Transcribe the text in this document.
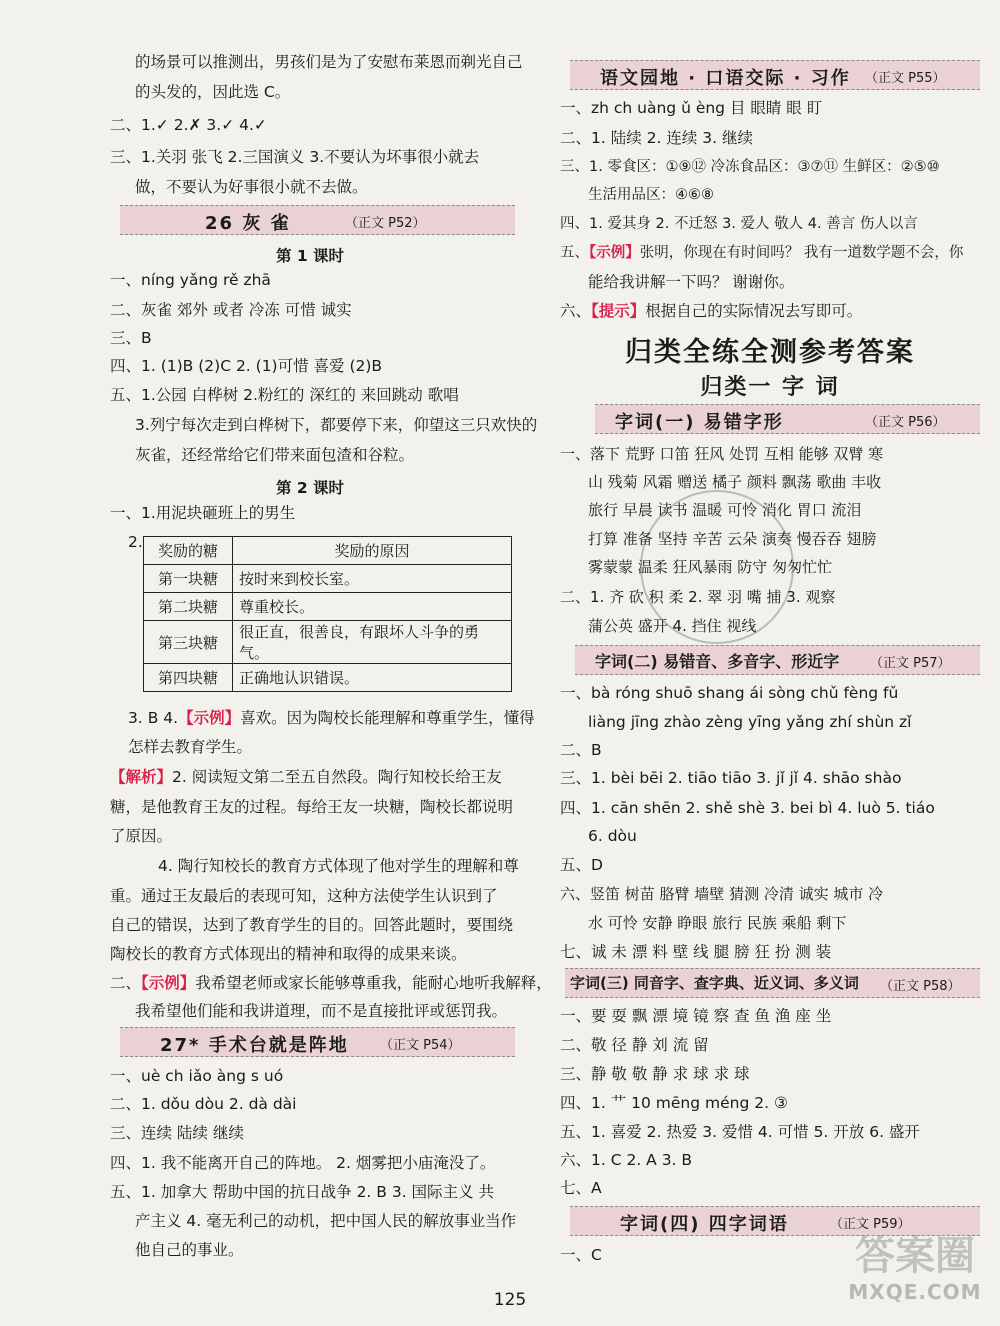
的场景可以推测出，男孩们是为了安慰布莱恩而剃光自己
的头发的，因此选 C。
二、1.✓ 2.✗ 3.✓ 4.✓
三、1.关羽 张飞 2.三国演义 3.不要认为坏事很小就去
做，不要认为好事很小就不去做。
26 灰 雀	（正文 P52）
第 1 课时
一、níng yǎng rě zhā
二、灰雀 郊外 或者 冷冻 可惜 诚实
三、B
四、1. (1)B (2)C 2. (1)可惜 喜爱 (2)B
五、1.公园 白桦树 2.粉红的 深红的 来回跳动 歌唱
3.列宁每次走到白桦树下，都要停下来，仰望这三只欢快的
灰雀，还经常给它们带来面包渣和谷粒。
第 2 课时
一、1.用泥块砸班上的男生
2. 奖励的糖	奖励的原因
第一块糖	按时来到校长室。
第二块糖	尊重校长。
第三块糖	很正直，很善良，有跟坏人斗争的勇气。
第四块糖	正确地认识错误。
3. B 4.【示例】喜欢。因为陶校长能理解和尊重学生，懂得
怎样去教育学生。
【解析】2. 阅读短文第二至五自然段。陶行知校长给王友
糖，是他教育王友的过程。每给王友一块糖，陶校长都说明
了原因。
4. 陶行知校长的教育方式体现了他对学生的理解和尊
重。通过王友最后的表现可知，这种方法使学生认识到了
自己的错误，达到了教育学生的目的。回答此题时，要围绕
陶校长的教育方式体现出的精神和取得的成果来谈。
二、【示例】我希望老师或家长能够尊重我，能耐心地听我解释，
我希望他们能和我讲道理，而不是直接批评或惩罚我。
27* 手术台就是阵地 （正文 P54）
一、uè ch iǎo àng s uó
二、1. dǒu dòu 2. dà dài
三、连续 陆续 继续
四、1. 我不能离开自己的阵地。 2. 烟雾把小庙淹没了。
五、1. 加拿大 帮助中国的抗日战争 2. B 3. 国际主义 共
产主义 4. 毫无利己的动机，把中国人民的解放事业当作
他自己的事业。
语文园地 · 口语交际 · 习作 （正文 P55）
一、zh ch uàng ǔ èng 目 眼睛 眼 盯
二、1. 陆续 2. 连续 3. 继续
三、1. 零食区：①⑨⑫ 冷冻食品区：③⑦⑪ 生鲜区：②⑤⑩
生活用品区：④⑥⑧
四、1. 爱其身 2. 不迁怒 3. 爱人 敬人 4. 善言 伤人以言
五、【示例】张明，你现在有时间吗？ 我有一道数学题不会，你
能给我讲解一下吗？ 谢谢你。
六、【提示】根据自己的实际情况去写即可。
归类全练全测参考答案
归类一 字 词
字词(一) 易错字形	（正文 P56）
一、落下 荒野 口笛 狂风 处罚 互相 能够 双臂 寒
山 残菊 风霜 赠送 橘子 颜料 飘荡 歌曲 丰收
旅行 早晨 读书 温暖 可怜 消化 胃口 流泪
打算 准备 坚持 辛苦 云朵 演奏 慢吞吞 翅膀
雾蒙蒙 温柔 狂风暴雨 防守 匆匆忙忙
二、1. 齐 砍 积 柔 2. 翠 羽 嘴 捕 3. 观察
蒲公英 盛开 4. 挡住 视线
字词(二) 易错音、多音字、形近字 （正文 P57）
一、bà róng shuō shang ái sòng chǔ fèng fǔ
liàng jīng zhào zèng yīng yǎng zhí shùn zǐ
二、B
三、1. bèi bēi 2. tiāo tiāo 3. jǐ jǐ 4. shāo shào
四、1. cān shēn 2. shě shè 3. bei bì 4. luò 5. tiáo
6. dòu
五、D
六、竖笛 树苗 胳臂 墙壁 猜测 冷清 诚实 城市 冷
水 可怜 安静 睁眼 旅行 民族 乘船 剩下
七、诚 未 漂 料 壁 线 腿 膀 狂 扮 测 装
字词(三) 同音字、查字典、近义词、多义词 （正文 P58）
一、要 耍 飘 漂 境 镜 察 查 鱼 渔 座 坐
二、敬 径 静 刘 流 留
三、静 敬 敬 静 求 球 求 球
四、1. 艹 10 mēng méng 2. ③
五、1. 喜爱 2. 热爱 3. 爱惜 4. 可惜 5. 开放 6. 盛开
六、1. C 2. A 3. B
七、A
字词(四) 四字词语	（正文 P59）
一、C
125
答案圈
MXQE.COM
